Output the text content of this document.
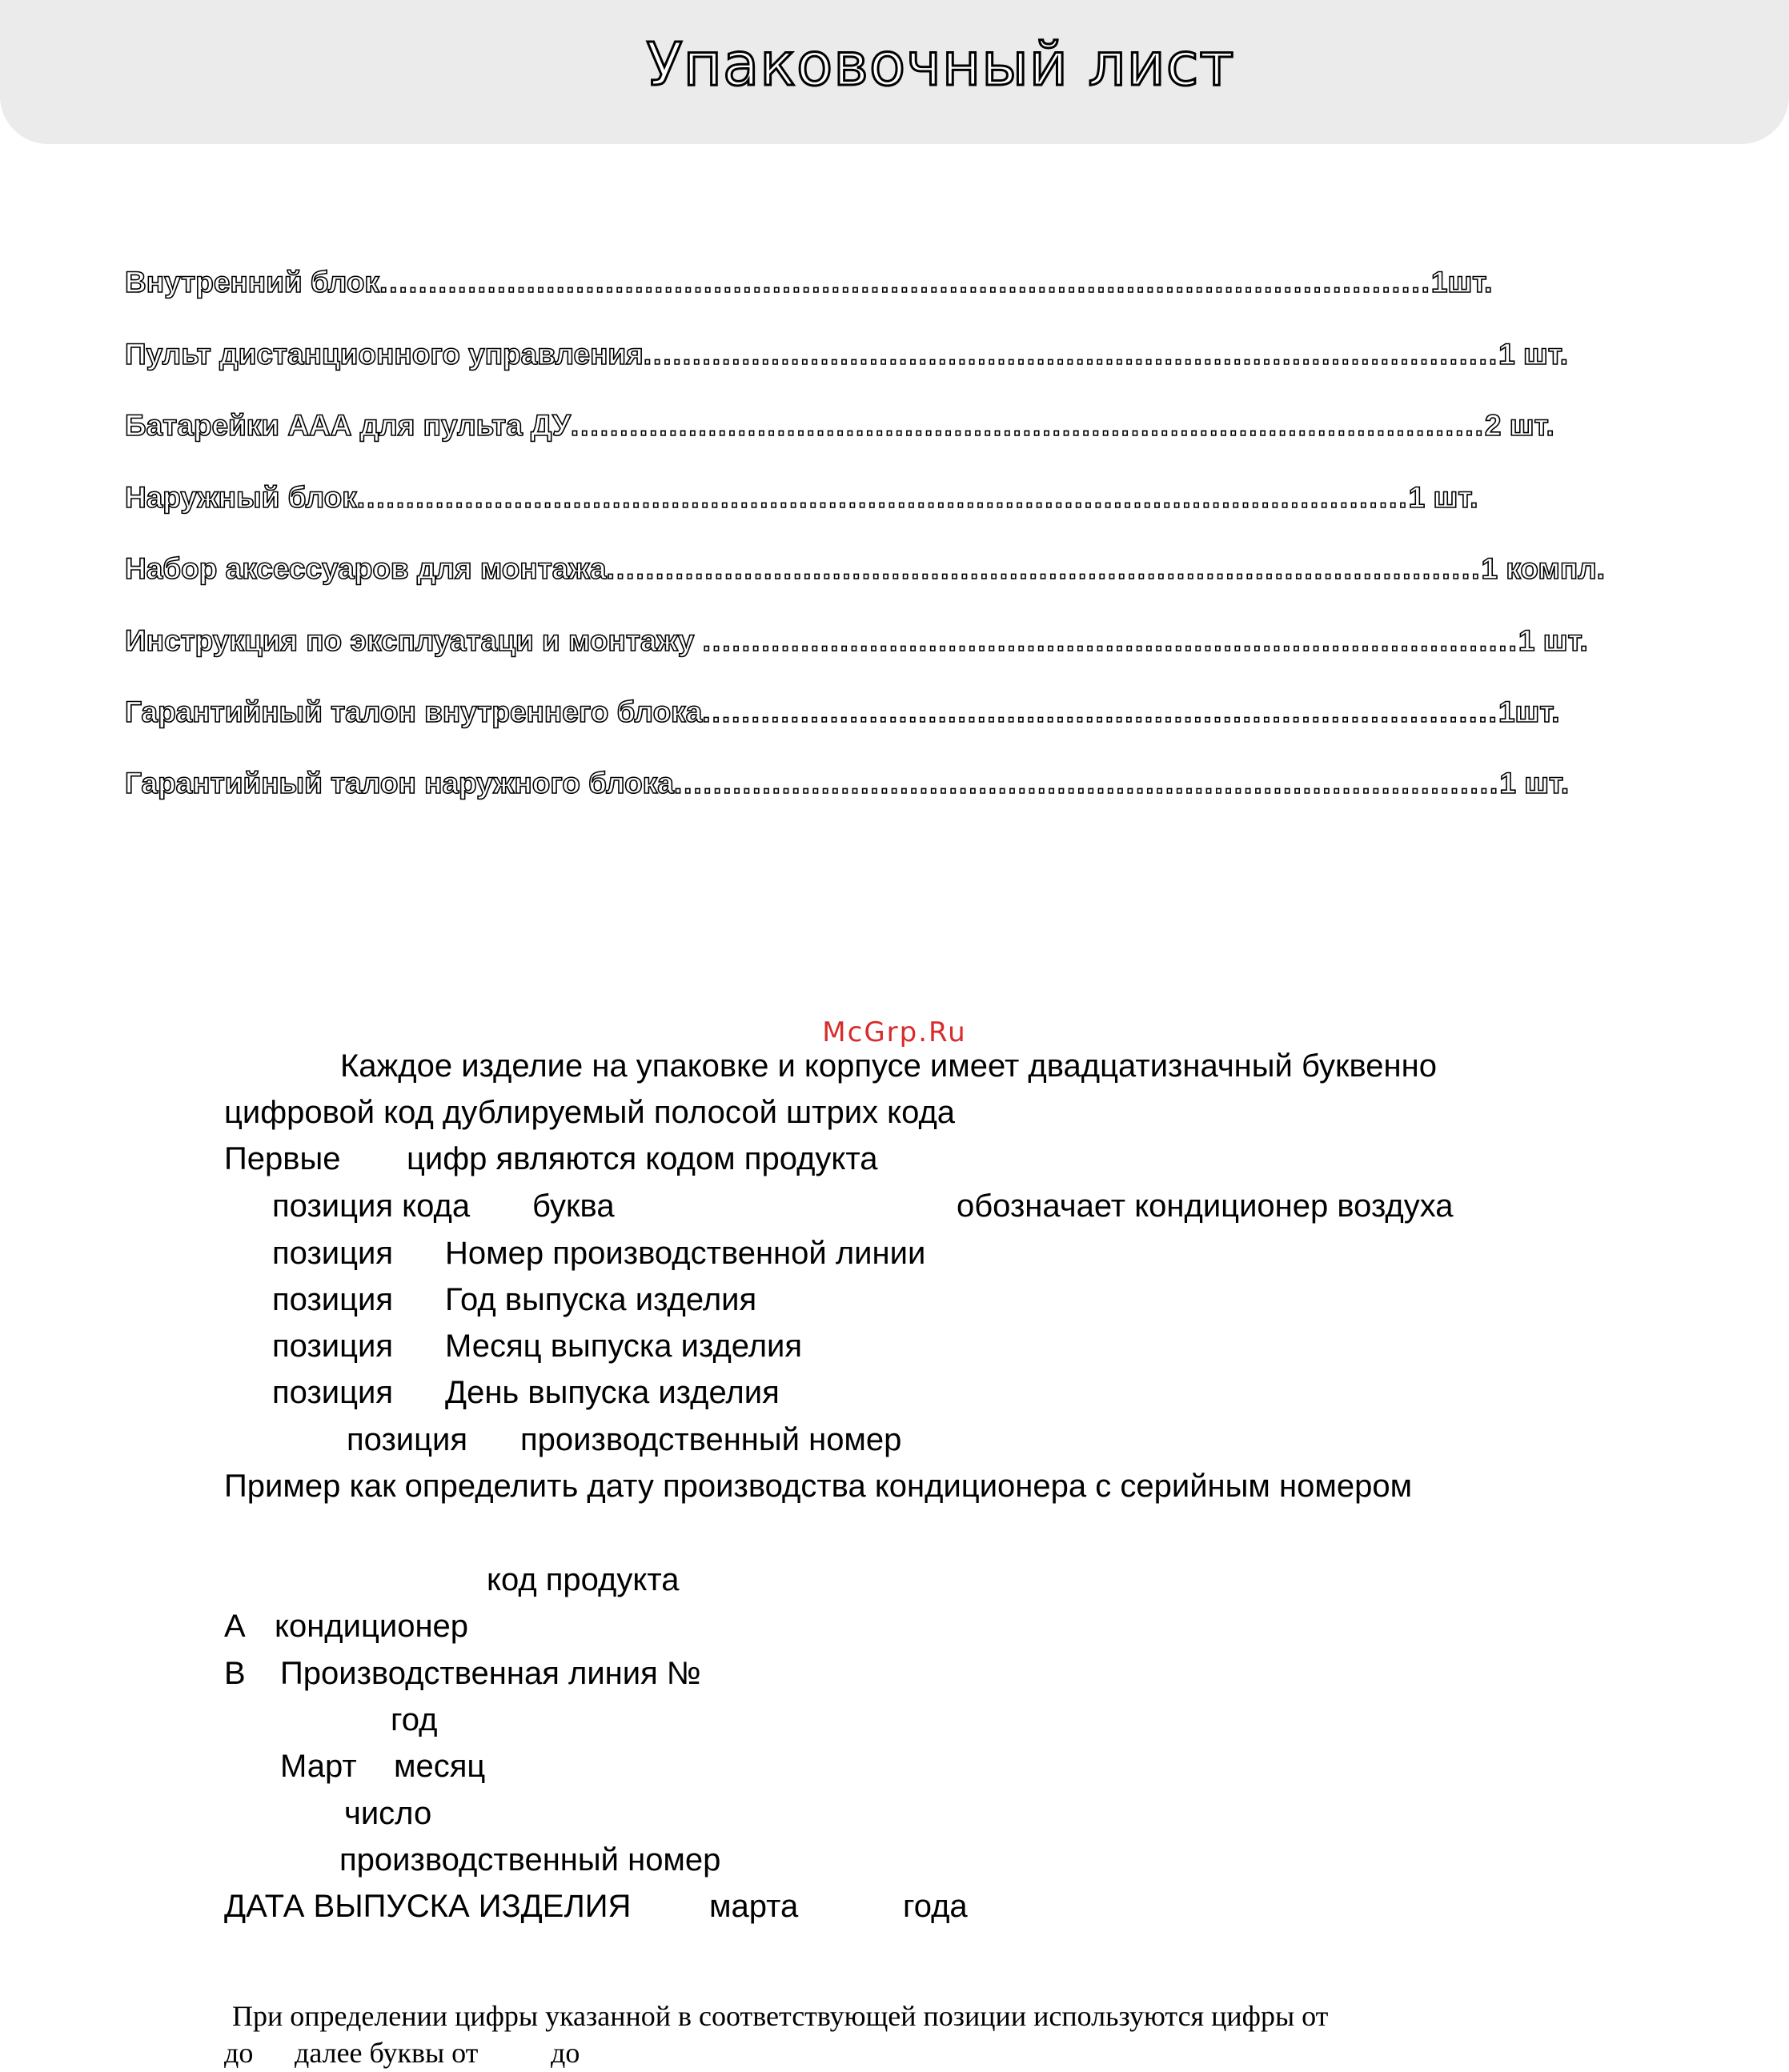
Упаковочный лист
Внутренний блок...........................................................................................................1шт.
Пульт дистанционного управления.......................................................................................1 шт.
Батарейки ААА для пульта ДУ.............................................................................................2 шт.
Наружный блок...........................................................................................................1 шт.
Набор аксессуаров для монтажа.........................................................................................1 компл.
Инструкция по эксплуатаци и монтажу ...................................................................................1 шт.
Гарантийный талон внутреннего блока.................................................................................1шт.
Гарантийный талон наружного блока....................................................................................1 шт.
McGrp.Ru
Каждое изделие на упаковке и корпусе имеет двадцатизначный буквенно
цифровой код дублируемый полосой штрих кода
Первые цифр являются кодом продукта
позиция кода буква	обозначает кондиционер воздуха
позиция Номер производственной линии
позиция Год выпуска изделия
позиция Месяц выпуска изделия
позиция День выпуска изделия
позиция производственный номер
Пример как определить дату производства кондиционера с серийным номером
код продукта
А кондиционер
В Производственная линия №
год
Март месяц
число
производственный номер
ДАТА ВЫПУСКА ИЗДЕЛИЯ марта	года
При определении цифры указанной в соответствующей позиции используются цифры от
до далее буквы от	до
